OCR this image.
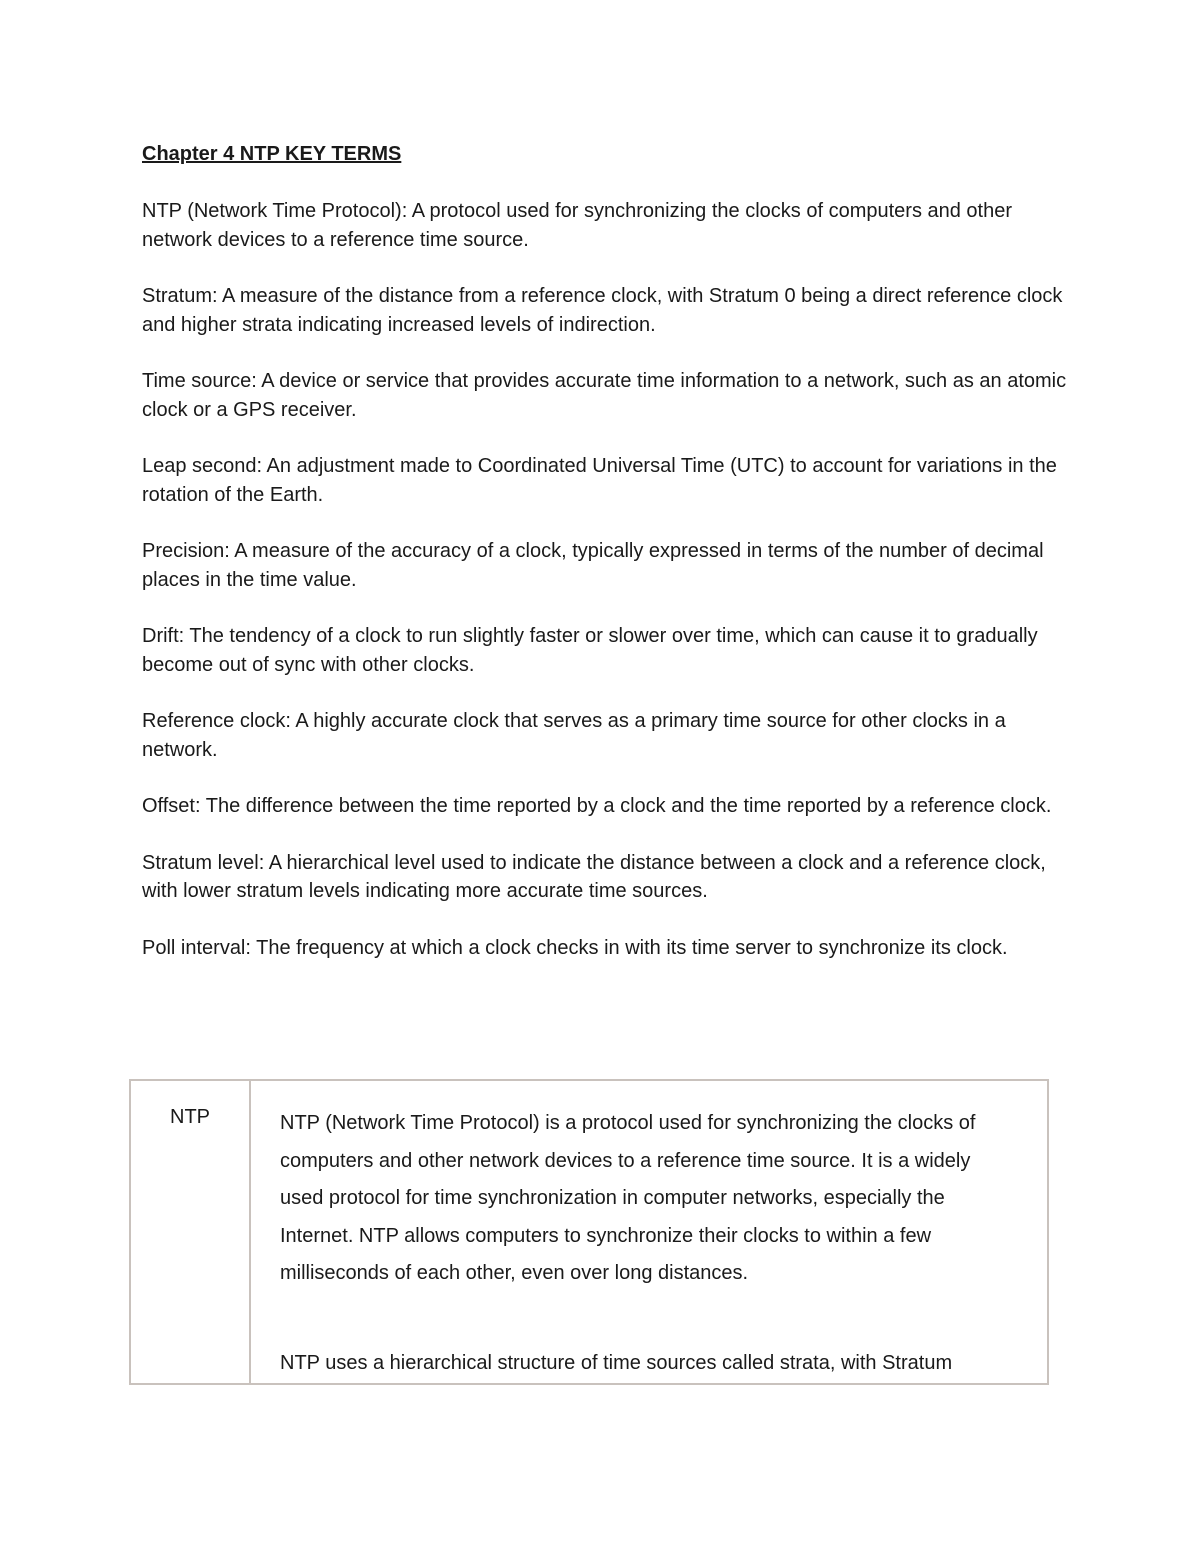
Chapter 4 NTP KEY TERMS

NTP (Network Time Protocol): A protocol used for synchronizing the clocks of computers and other network devices to a reference time source.

Stratum: A measure of the distance from a reference clock, with Stratum 0 being a direct reference clock and higher strata indicating increased levels of indirection.

Time source: A device or service that provides accurate time information to a network, such as an atomic clock or a GPS receiver.

Leap second: An adjustment made to Coordinated Universal Time (UTC) to account for variations in the rotation of the Earth.

Precision: A measure of the accuracy of a clock, typically expressed in terms of the number of decimal places in the time value.

Drift: The tendency of a clock to run slightly faster or slower over time, which can cause it to gradually become out of sync with other clocks.

Reference clock: A highly accurate clock that serves as a primary time source for other clocks in a network.

Offset: The difference between the time reported by a clock and the time reported by a reference clock.

Stratum level: A hierarchical level used to indicate the distance between a clock and a reference clock, with lower stratum levels indicating more accurate time sources.

Poll interval: The frequency at which a clock checks in with its time server to synchronize its clock.

NTP	NTP (Network Time Protocol) is a protocol used for synchronizing the clocks of computers and other network devices to a reference time source. It is a widely used protocol for time synchronization in computer networks, especially the Internet. NTP allows computers to synchronize their clocks to within a few milliseconds of each other, even over long distances.

NTP uses a hierarchical structure of time sources called strata, with Stratum
